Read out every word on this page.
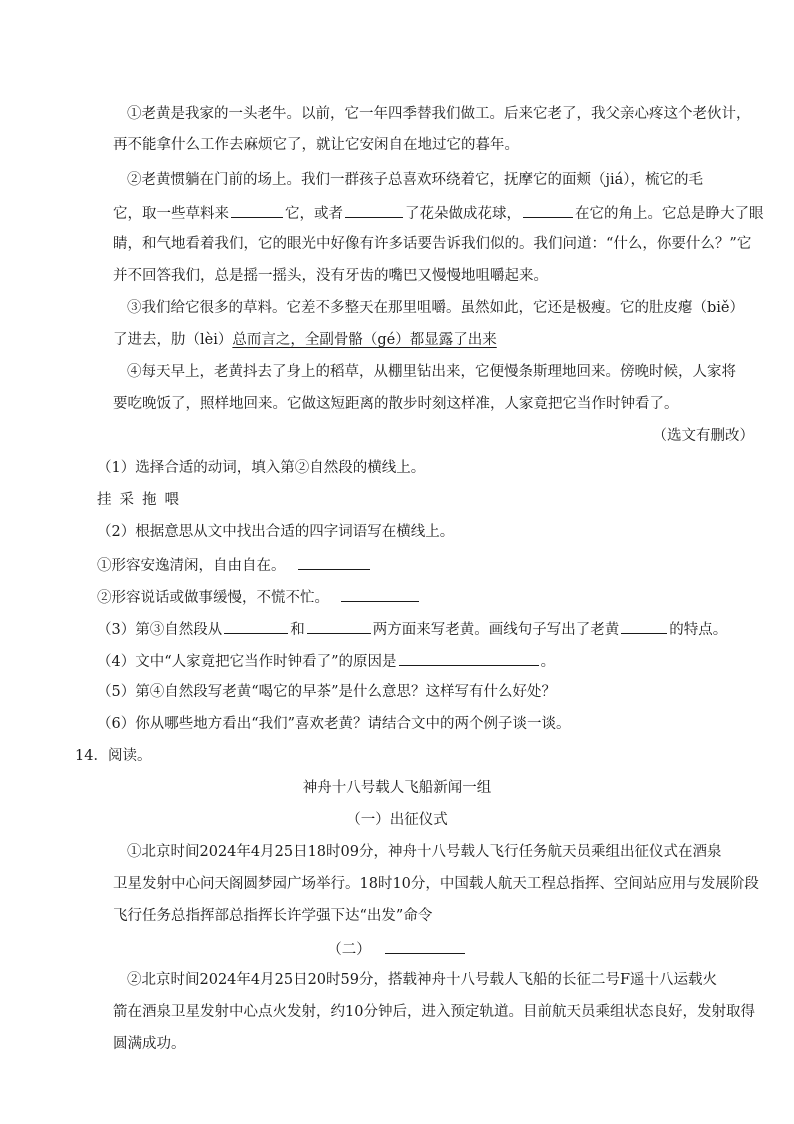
①老黄是我家的一头老牛。以前，它一年四季替我们做工。后来它老了，我父亲心疼这个老伙计，
再不能拿什么工作去麻烦它了，就让它安闲自在地过它的暮年。
②老黄惯躺在门前的场上。我们一群孩子总喜欢环绕着它，抚摩它的面颊（jiá），梳它的毛
它，取一些草料来	它，或者	了花朵做成花球，	在它的角上。它总是睁大了眼
睛，和气地看着我们，它的眼光中好像有许多话要告诉我们似的。我们问道：“什么，你要什么？”它
并不回答我们，总是摇一摇头，没有牙齿的嘴巴又慢慢地咀嚼起来。
③我们给它很多的草料。它差不多整天在那里咀嚼。虽然如此，它还是极瘦。它的肚皮瘪（biě）
了进去，肋（lèi）总而言之，全副骨骼（gé）都显露了出来
④每天早上，老黄抖去了身上的稻草，从棚里钻出来，它便慢条斯理地回来。傍晚时候，人家将
要吃晚饭了，照样地回来。它做这短距离的散步时刻这样准，人家竟把它当作时钟看了。
（选文有删改）
（1）选择合适的动词，填入第②自然段的横线上。
挂 采 拖 喂
（2）根据意思从文中找出合适的四字词语写在横线上。
①形容安逸清闲，自由自在。
②形容说话或做事缓慢，不慌不忙。
（3）第③自然段从	和	两方面来写老黄。画线句子写出了老黄	的特点。
（4）文中“人家竟把它当作时钟看了”的原因是	。
（5）第④自然段写老黄“喝它的早茶”是什么意思？这样写有什么好处？
（6）你从哪些地方看出“我们”喜欢老黄？请结合文中的两个例子谈一谈。
14．阅读。
神舟十八号载人飞船新闻一组
（一）出征仪式
①北京时间2024年4月25日18时09分，神舟十八号载人飞行任务航天员乘组出征仪式在酒泉
卫星发射中心问天阁圆梦园广场举行。18时10分，中国载人航天工程总指挥、空间站应用与发展阶段
飞行任务总指挥部总指挥长许学强下达“出发”命令
（二）
②北京时间2024年4月25日20时59分，搭载神舟十八号载人飞船的长征二号F遥十八运载火
箭在酒泉卫星发射中心点火发射，约10分钟后，进入预定轨道。目前航天员乘组状态良好，发射取得
圆满成功。
